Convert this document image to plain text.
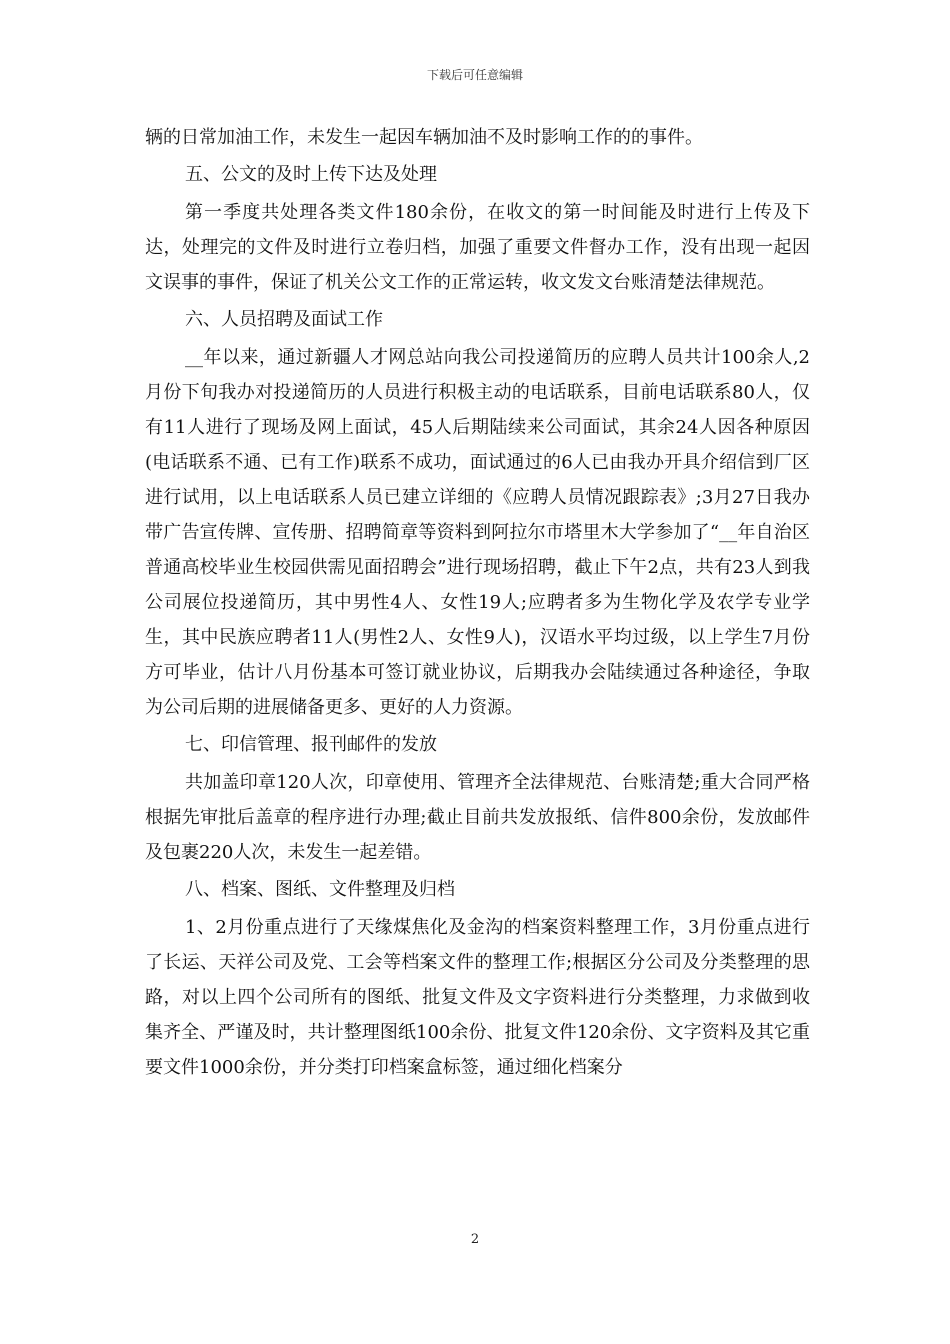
下载后可任意编辑

辆的日常加油工作，未发生一起因车辆加油不及时影响工作的的事件。

五、公文的及时上传下达及处理

第一季度共处理各类文件180余份，在收文的第一时间能及时进行上传及下达，处理完的文件及时进行立卷归档，加强了重要文件督办工作，没有出现一起因文误事的事件，保证了机关公文工作的正常运转，收文发文台账清楚法律规范。

六、人员招聘及面试工作

__年以来，通过新疆人才网总站向我公司投递简历的应聘人员共计100余人,2月份下旬我办对投递简历的人员进行积极主动的电话联系，目前电话联系80人，仅有11人进行了现场及网上面试，45人后期陆续来公司面试，其余24人因各种原因(电话联系不通、已有工作)联系不成功，面试通过的6人已由我办开具介绍信到厂区进行试用，以上电话联系人员已建立详细的《应聘人员情况跟踪表》;3月27日我办带广告宣传牌、宣传册、招聘简章等资料到阿拉尔市塔里木大学参加了“__年自治区普通高校毕业生校园供需见面招聘会”进行现场招聘，截止下午2点，共有23人到我公司展位投递简历，其中男性4人、女性19人;应聘者多为生物化学及农学专业学生，其中民族应聘者11人(男性2人、女性9人)，汉语水平均过级，以上学生7月份方可毕业，估计八月份基本可签订就业协议，后期我办会陆续通过各种途径，争取为公司后期的进展储备更多、更好的人力资源。

七、印信管理、报刊邮件的发放

共加盖印章120人次，印章使用、管理齐全法律规范、台账清楚;重大合同严格根据先审批后盖章的程序进行办理;截止目前共发放报纸、信件800余份，发放邮件及包裹220人次，未发生一起差错。

八、档案、图纸、文件整理及归档

1、2月份重点进行了天缘煤焦化及金沟的档案资料整理工作，3月份重点进行了长运、天祥公司及党、工会等档案文件的整理工作;根据区分公司及分类整理的思路，对以上四个公司所有的图纸、批复文件及文字资料进行分类整理，力求做到收集齐全、严谨及时，共计整理图纸100余份、批复文件120余份、文字资料及其它重要文件1000余份，并分类打印档案盒标签，通过细化档案分

2
